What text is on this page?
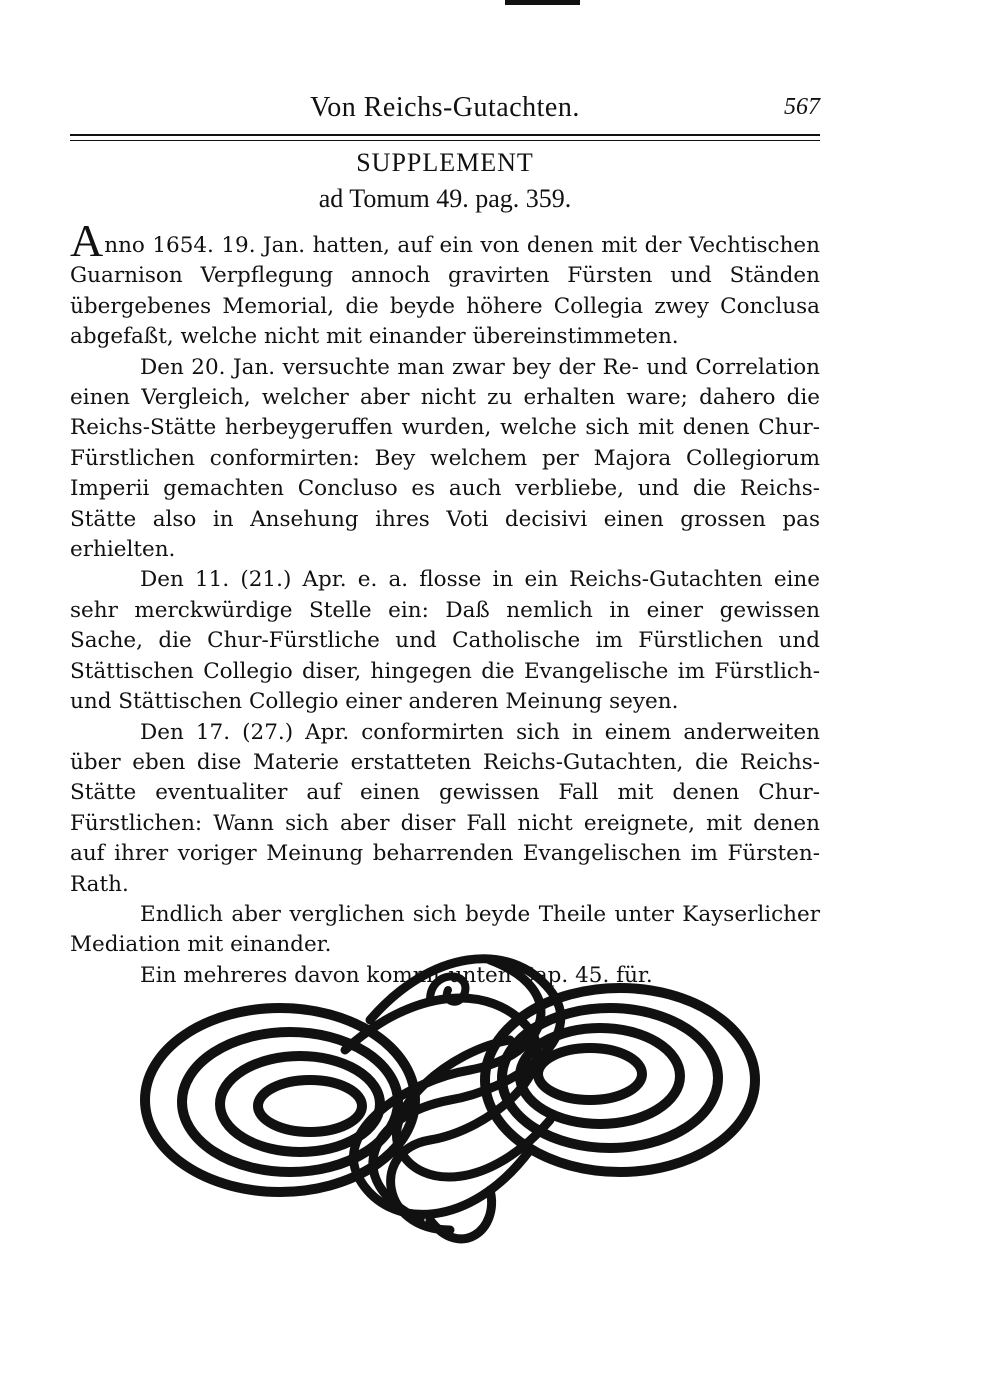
Von Reichs-Gutachten.	567
SUPPLEMENT
ad Tomum 49. pag. 359.

Anno 1654. 19. Jan. hatten, auf ein von denen mit der Vechtischen Guarnison Verpflegung annoch gravirten Fürsten und Ständen übergebenes Memorial, die beyde höhere Collegia zwey Conclusa abgefaßt, welche nicht mit einander übereinstimmeten.

Den 20. Jan. versuchte man zwar bey der Re- und Correlation einen Vergleich, welcher aber nicht zu erhalten ware; dahero die Reichs-Stätte herbeygeruffen wurden, welche sich mit denen Chur-Fürstlichen conformirten: Bey welchem per Majora Collegiorum Imperii gemachten Concluso es auch verbliebe, und die Reichs-Stätte also in Ansehung ihres Voti decisivi einen grossen pas erhielten.

Den 11. (21.) Apr. e. a. flosse in ein Reichs-Gutachten eine sehr merckwürdige Stelle ein: Daß nemlich in einer gewissen Sache, die Chur-Fürstliche und Catholische im Fürstlichen und Stättischen Collegio diser, hingegen die Evangelische im Fürstlich- und Stättischen Collegio einer anderen Meinung seyen.

Den 17. (27.) Apr. conformirten sich in einem anderweiten über eben dise Materie erstatteten Reichs-Gutachten, die Reichs-Stätte eventualiter auf einen gewissen Fall mit denen Chur-Fürstlichen: Wann sich aber diser Fall nicht ereignete, mit denen auf ihrer voriger Meinung beharrenden Evangelischen im Fürsten-Rath.

Endlich aber verglichen sich beyde Theile unter Kayserlicher Mediation mit einander.

Ein mehreres davon kommt unten Cap. 45. für.
